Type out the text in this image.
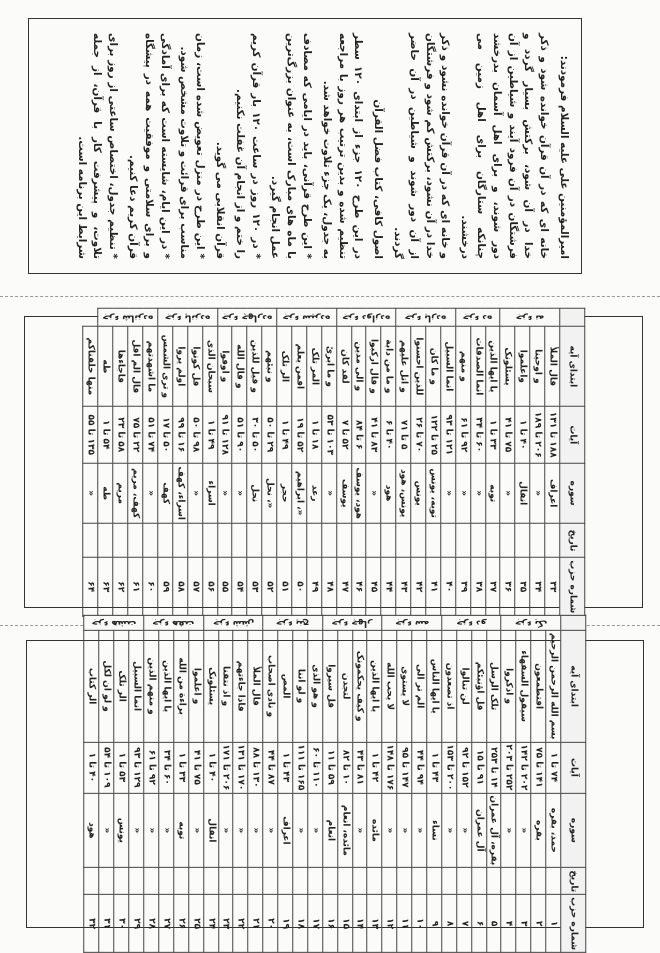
امیرالمؤمنین علی علیه السلام فرمودند:

خانه ای که در آن قرآن خوانده شود و ذکر خدا در آن شود، برکتش بسیار گردد و فرشتگان در آن فرود آیند و شیاطین از آن دور شوند، و برای اهل آسمان بدرخشد چنانکه ستارگان برای اهل زمین می درخشند.

و خانه ای که در آن قرآن خوانده نشود و ذکر خدا در آن نشود، برکتش کم شود و فرشتگان از آن دور شوند و شیاطین در آن حاضر گردند.

اصول کافی، کتاب فضل القرآن

در این طرح ۱۲۰ جزء از ابتدای ۱۲۰ سطر تنظیم شده و بدین ترتیب هر روز با مراجعه به جدول، یک جزء تلاوت خواهد شد.

* این طرح قرآنی، باید در ایامی که مصادف با ماه های مبارک است، به عنوان بزرگ‌ترین عمل انجام گیرد.

* در ۱۲۰ روز در ساعت ۱۲۰ بار قرآن کریم را ختم و از انجام آن غفلت نکنیم.

قرآن انقلابی می گوید.

* این طرح در منزل تعویض شده است، زمان مناسب برای قرائت و تلاوت مشخص شود.

* در این ایام، شایسته است که برای آمادگی و برای سلامتی و موفقیت همه در پیشگاه قرآن کریم دعا کنیم.

* تنظیم جدول، اختصاص ساعتی از روز برای تلاوت، و پیشرفت کار با قرآن، از جمله شرایط این برنامه است.

شماره حزب	تاریخ	سوره	آیات	ابتدای آیه	
۳۳		اعراف	۱۸۸ تا ۱۳۱	قال الملأ	جزء نه
۳۴		«	۲۰۶ تا ۱۸۹	و اوحینا	
۳۵		انفال	۴۰ تا ۱	واعلموا	
۳۶		«	۷۵ تا ۴۱	یسئلونک	
۳۷		توبه	۳۳ تا ۱	یا ایها الذین	جزء ده
۳۸		«	۶۰ تا ۳۴	انما الصدقات	
۳۹		«	۹۲ تا ۶۱	و منهم	
۴۰		«	۱۲۱ تا ۹۳	انما السبیل	جزء یازده
۴۱		توبه، یونس	۲۵ تا ۱۲۲	و ما کان	
۴۲		یونس	۷۰ تا ۲۶	للذین احسنوا	
۴۳		یونس، هود	۵ تا ۷۱	و اتل علیهم	
۴۴		هود	۴۰ تا ۶	و ما من دابة	جزء دوازده
۴۵		«	۸۳ تا ۴۱	و قال ارکبوا	
۴۶		هود، یوسف	۶ تا ۸۴	و الی مدین	
۴۷		یوسف	۵۲ تا ۷	لقد کان	
۴۸		«	۱۰۳ تا ۵۳	و ما ابرئ	جزء سیزده
۴۹		رعد	۱۸ تا ۱	المر تلک	
۵۰		«، ابراهیم	۵۲ تا ۱۹	افمن یعلم	
۵۱		حجر	۴۹ تا ۱	الر تلک	
۵۲		«، نحل	۲۹ تا ۵۰	و نبئهم	جزء چهارده
۵۳		نحل	۵۰ تا ۳۰	و قیل للذین	
۵۴		«	۹۰ تا ۵۱	و قال الله	
۵۵		«	۱۲۸ تا ۹۱	و اوفوا	
۵۶		اسراء	۴۹ تا ۱	سبحان الذی	جزء پانزده
۵۷		«	۹۸ تا ۵۰	قل کونوا	
۵۸		اسراء، کهف	۱۶ تا ۹۹	اولم یروا	
۵۹		کهف	۵۰ تا ۱۷	و تری الشمس	
۶۰		«	۷۴ تا ۵۱	ما اشهدتهم	جزء شانزده
۶۱		کهف، مریم	۲۲ تا ۷۵	قال الم اقل	
۶۲		مریم	۵۸ تا ۲۳	فاجاءها	
۶۳		طه	۵۴ تا ۱	طه	
۶۴		«	۱۳۵ تا ۵۵	منها خلقناکم	
شماره حزب	تاریخ	سوره	آیات	ابتدای آیه	
۱		حمد، بقره	۷۴ تا ۱	بسم الله الرحمن الرحیم	جزء یک
۲		بقره	۱۴۱ تا ۷۵	افتطمعون	
۳		«	۲۰۲ تا ۱۴۲	سیقول السفهاء	
۴		«	۲۵۲ تا ۲۰۳	و اذکروا	
۵		بقره، آل عمران	۱۴ تا ۲۵۳	تلک الرسل	جزء دو
۶		آل عمران	۹۱ تا ۱۵	قل اؤنبئکم	
۷		«	۱۵۲ تا ۹۲	لن تنالوا	
۸		«	۲۰۰ تا ۱۵۳	اذ تصعدون	
۹		نساء	۴۳ تا ۱	یا ایها الناس	جزء سه
۱۰		«	۹۴ تا ۴۴	الم تر الی	
۱۱		«	۱۴۷ تا ۹۵	لا یستوی	
۱۲		«	۱۷۶ تا ۱۴۸	لا یحب الله	
۱۳		مائده	۴۲ تا ۱	یا ایها الذین	جزء چهار
۱۴		«	۸۱ تا ۴۳	و کیف یحکمونک	
۱۵		مائده، انعام	۱۰ تا ۸۲	لتجدن	
۱۶		انعام	۵۹ تا ۱۱	قل سیروا	
۱۷		«	۱۱۰ تا ۶۰	و هو الذی	جزء پنج
۱۸		«	۱۶۵ تا ۱۱۱	و لو اننا	
۱۹		اعراف	۴۳ تا ۱	المص	
۲۰		«	۸۷ تا ۴۴	و نادی اصحاب	
۲۱		«	۱۳۰ تا ۸۸	قال الملأ	جزء شش
۲۲		«	۱۷۰ تا ۱۳۱	فاذا جاءتهم	
۲۳		«	۲۰۶ تا ۱۷۱	و اذ نتقنا	
۲۴		انفال	۴۰ تا ۱	یسئلونک	
۲۵		«	۷۵ تا ۴۱	و اعلموا	جزء هفت
۲۶		توبه	۳۳ تا ۱	براءة من الله	
۲۷		«	۶۰ تا ۳۴	یا ایها الذین	
۲۸		«	۹۲ تا ۶۱	و منهم الذین	
۲۹		«	۱۲۹ تا ۹۳	انما السبیل	جزء هشت
۳۰		یونس	۵۳ تا ۱	الر تلک	
۳۱		«	۱۰۹ تا ۵۴	و لو ان لکل	
۳۲		هود	۴۰ تا ۱	الر کتاب	
